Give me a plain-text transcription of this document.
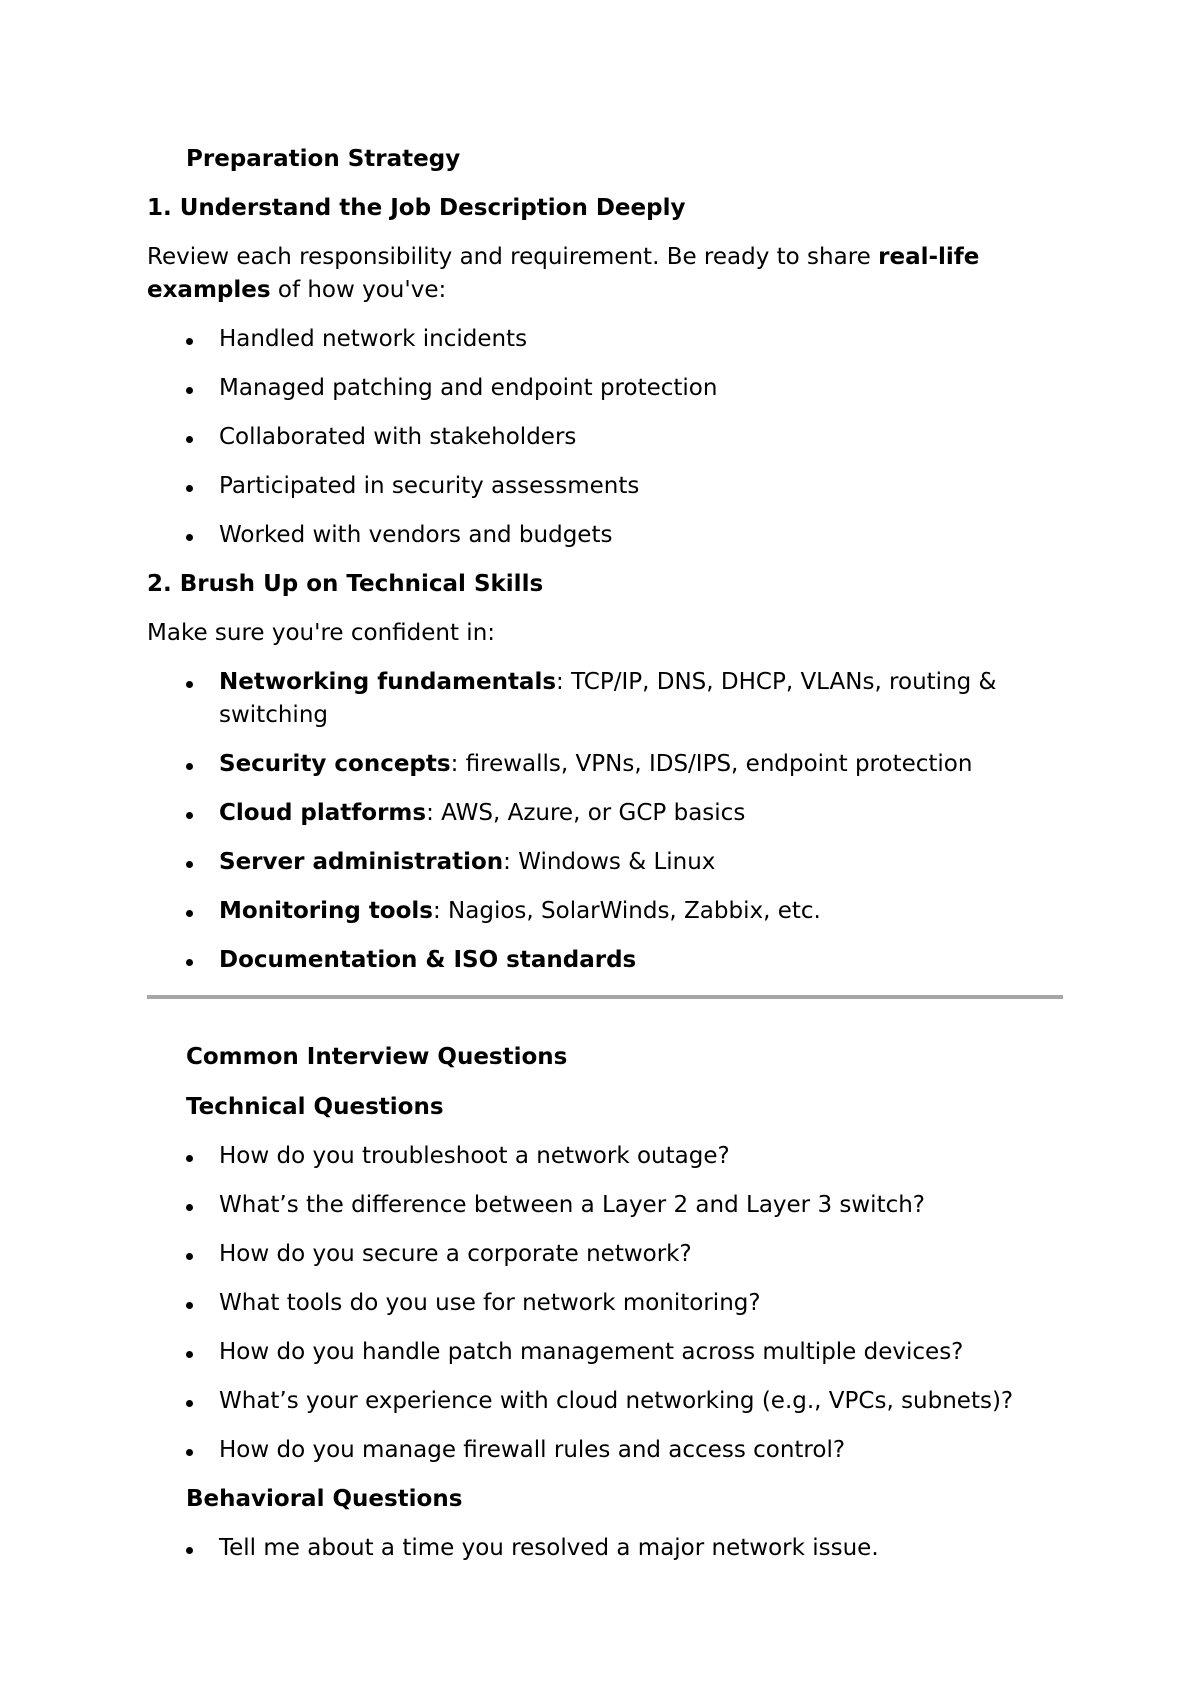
Preparation Strategy

1. Understand the Job Description Deeply

Review each responsibility and requirement. Be ready to share real-life examples of how you've:

Handled network incidents

Managed patching and endpoint protection

Collaborated with stakeholders

Participated in security assessments

Worked with vendors and budgets

2. Brush Up on Technical Skills

Make sure you're confident in:

Networking fundamentals: TCP/IP, DNS, DHCP, VLANs, routing & switching

Security concepts: firewalls, VPNs, IDS/IPS, endpoint protection

Cloud platforms: AWS, Azure, or GCP basics

Server administration: Windows & Linux

Monitoring tools: Nagios, SolarWinds, Zabbix, etc.

Documentation & ISO standards

Common Interview Questions

Technical Questions

How do you troubleshoot a network outage?

What’s the difference between a Layer 2 and Layer 3 switch?

How do you secure a corporate network?

What tools do you use for network monitoring?

How do you handle patch management across multiple devices?

What’s your experience with cloud networking (e.g., VPCs, subnets)?

How do you manage firewall rules and access control?

Behavioral Questions

Tell me about a time you resolved a major network issue.
